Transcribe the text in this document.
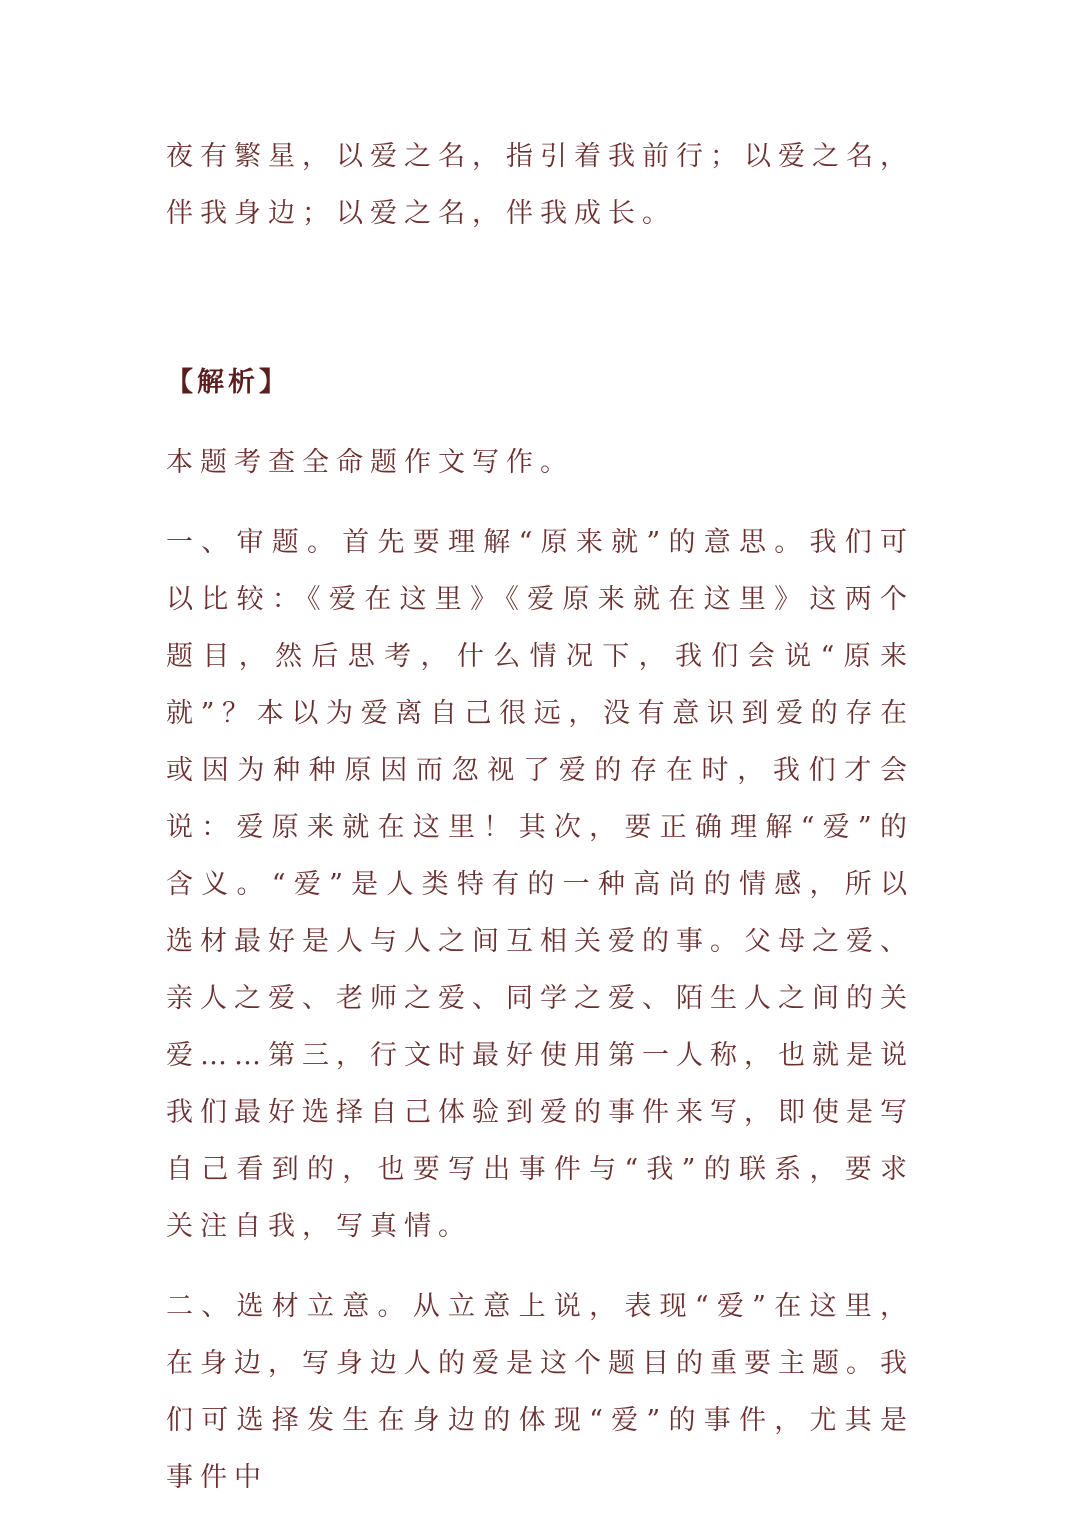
夜有繁星，以爱之名，指引着我前行；以爱之名，伴我身边；以爱之名，伴我成长。

【解析】

本题考查全命题作文写作。

一、审题。首先要理解“原来就”的意思。我们可以比较：《爱在这里》《爱原来就在这里》这两个题目，然后思考，什么情况下，我们会说“原来就”？本以为爱离自己很远，没有意识到爱的存在或因为种种原因而忽视了爱的存在时，我们才会说：爱原来就在这里！其次，要正确理解“爱”的含义。“爱”是人类特有的一种高尚的情感，所以选材最好是人与人之间互相关爱的事。父母之爱、亲人之爱、老师之爱、同学之爱、陌生人之间的关爱……第三，行文时最好使用第一人称，也就是说我们最好选择自己体验到爱的事件来写，即使是写自己看到的，也要写出事件与“我”的联系，要求关注自我，写真情。

二、选材立意。从立意上说，表现“爱”在这里，在身边，写身边人的爱是这个题目的重要主题。我们可选择发生在身边的体现“爱”的事件，尤其是事件中
